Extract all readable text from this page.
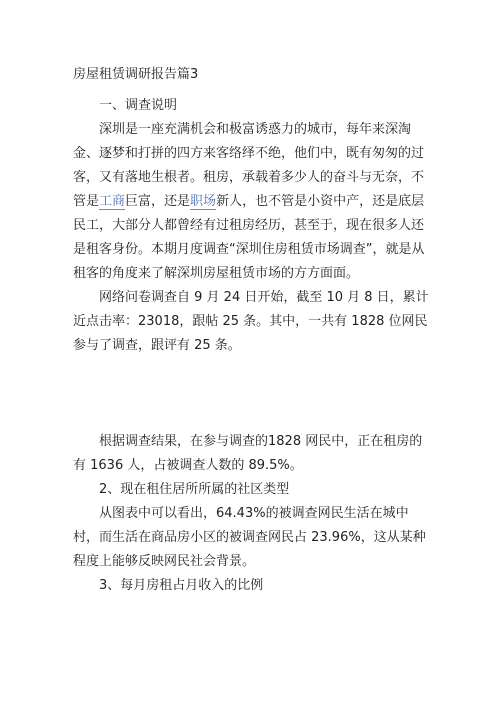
房屋租赁调研报告篇3

一、调查说明

深圳是一座充满机会和极富诱惑力的城市，每年来深淘金、逐梦和打拼的四方来客络绎不绝，他们中，既有匆匆的过客，又有落地生根者。租房，承载着多少人的奋斗与无奈，不管是工商巨富，还是职场新人，也不管是小资中产，还是底层民工，大部分人都曾经有过租房经历，甚至于，现在很多人还是租客身份。本期月度调查“深圳住房租赁市场调查”，就是从租客的角度来了解深圳房屋租赁市场的方方面面。

网络问卷调查自 9 月 24 日开始，截至 10 月 8 日，累计近点击率：23018，跟帖 25 条。其中，一共有 1828 位网民参与了调查，跟评有 25 条。

根据调查结果，在参与调查的1828 网民中，正在租房的有 1636 人，占被调查人数的 89.5%。

2、现在租住居所所属的社区类型

从图表中可以看出，64.43%的被调查网民生活在城中村，而生活在商品房小区的被调查网民占 23.96%，这从某种程度上能够反映网民社会背景。

3、每月房租占月收入的比例
